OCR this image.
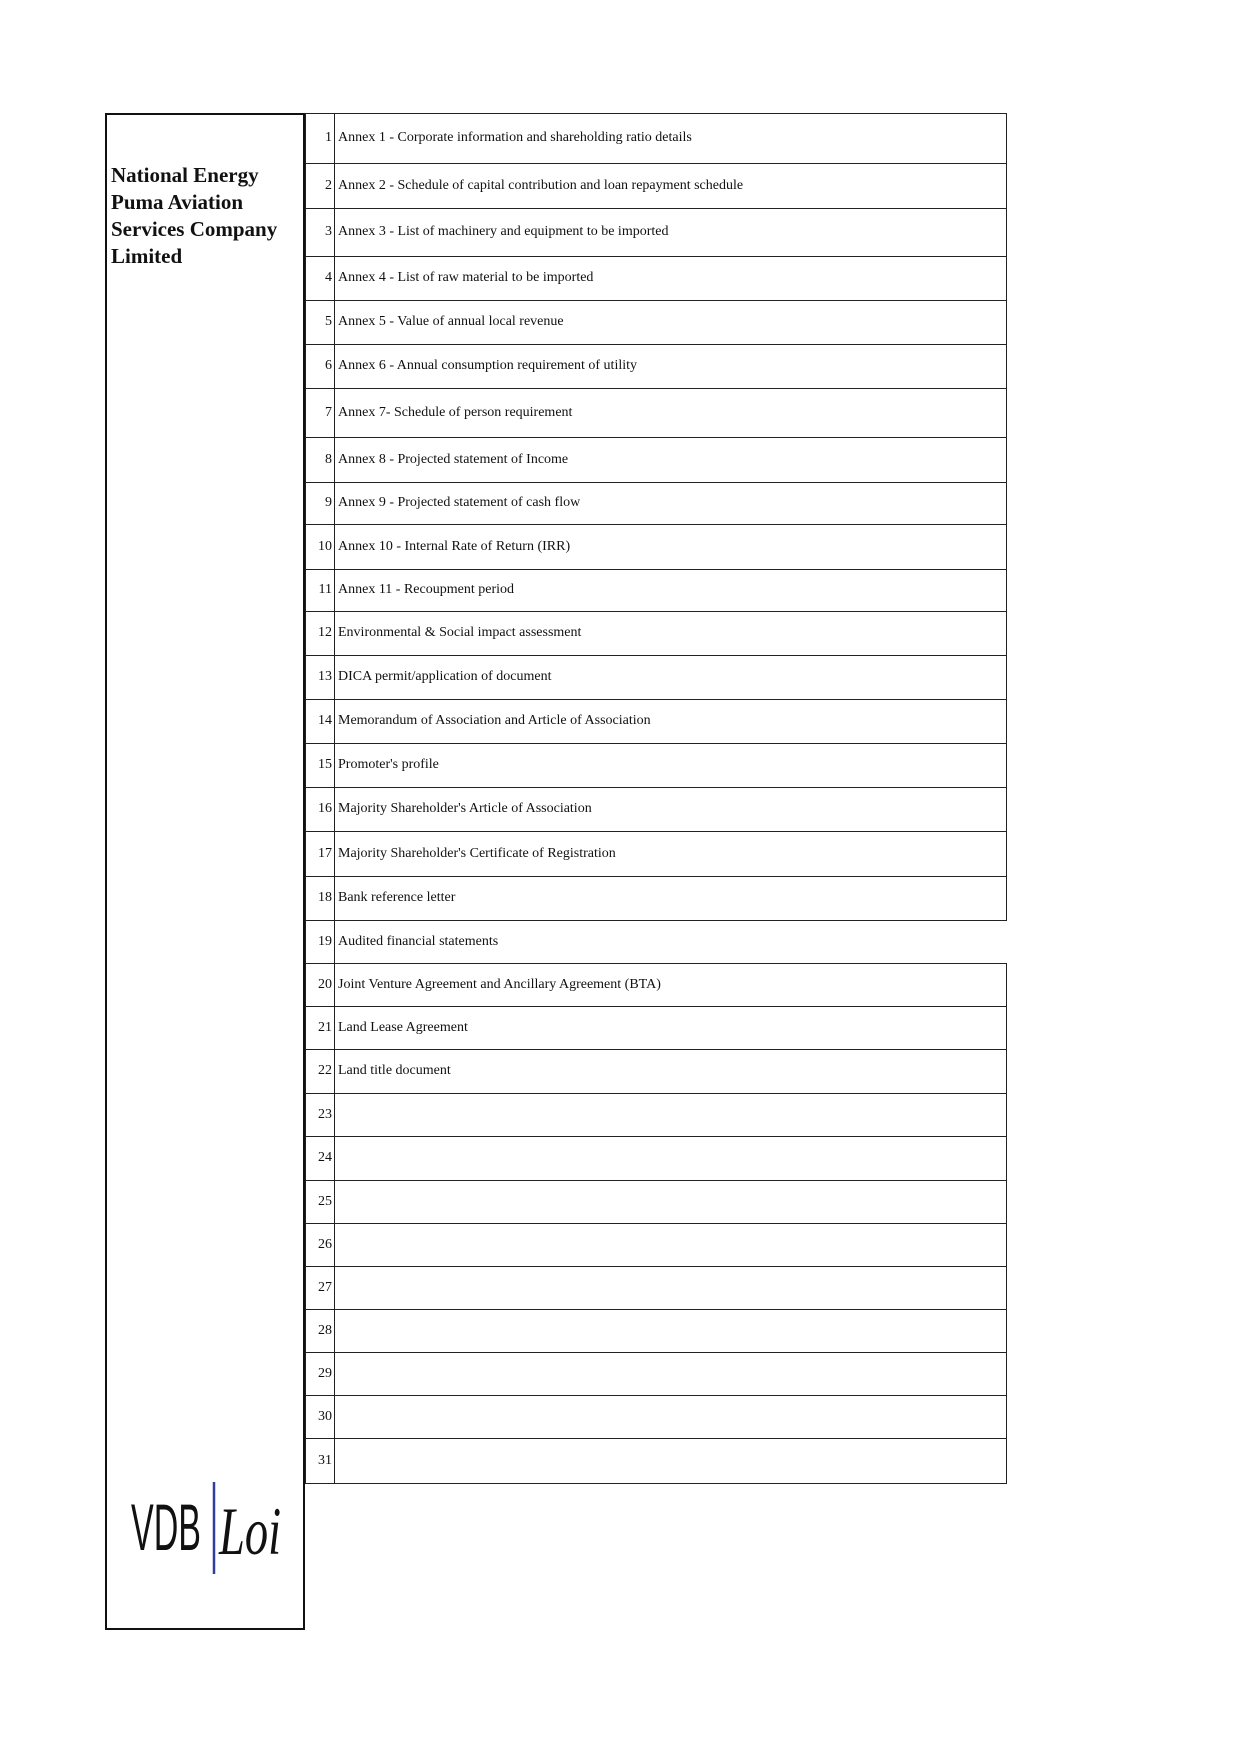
National Energy
Puma Aviation
Services Company
Limited
VDB Loi
1 Annex 1 - Corporate information and shareholding ratio details
2 Annex 2 - Schedule of capital contribution and loan repayment schedule
3 Annex 3 - List of machinery and equipment to be imported
4 Annex 4 - List of raw material to be imported
5 Annex 5 - Value of annual local revenue
6 Annex 6 - Annual consumption requirement of utility
7 Annex 7- Schedule of person requirement
8 Annex 8 - Projected statement of Income
9 Annex 9 - Projected statement of cash flow
10 Annex 10 - Internal Rate of Return (IRR)
11 Annex 11 - Recoupment period
12 Environmental & Social impact assessment
13 DICA permit/application of document
14 Memorandum of Association and Article of Association
15 Promoter's profile
16 Majority Shareholder's Article of Association
17 Majority Shareholder's Certificate of Registration
18 Bank reference letter
19 Audited financial statements
20 Joint Venture Agreement and Ancillary Agreement (BTA)
21 Land Lease Agreement
22 Land title document
23
24
25
26
27
28
29
30
31
